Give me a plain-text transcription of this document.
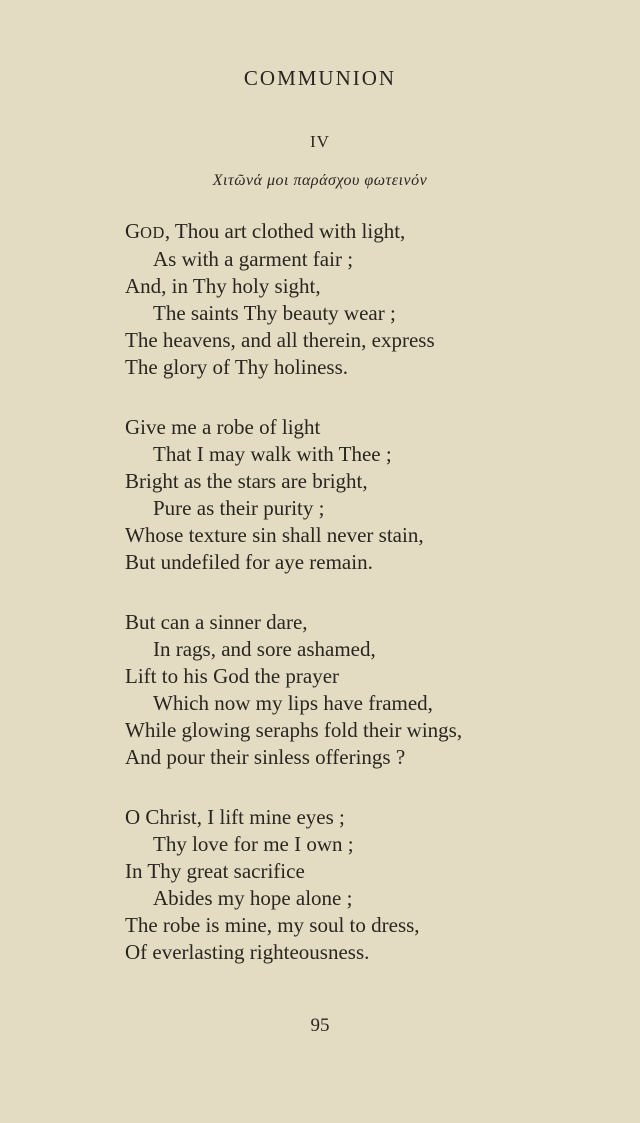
COMMUNION
IV
Χιτῶνά μοι παράσχου φωτεινόν
GOD, Thou art clothed with light,
As with a garment fair ;
And, in Thy holy sight,
The saints Thy beauty wear ;
The heavens, and all therein, express
The glory of Thy holiness.
Give me a robe of light
That I may walk with Thee ;
Bright as the stars are bright,
Pure as their purity ;
Whose texture sin shall never stain,
But undefiled for aye remain.
But can a sinner dare,
In rags, and sore ashamed,
Lift to his God the prayer
Which now my lips have framed,
While glowing seraphs fold their wings,
And pour their sinless offerings ?
O Christ, I lift mine eyes ;
Thy love for me I own ;
In Thy great sacrifice
Abides my hope alone ;
The robe is mine, my soul to dress,
Of everlasting righteousness.
95
